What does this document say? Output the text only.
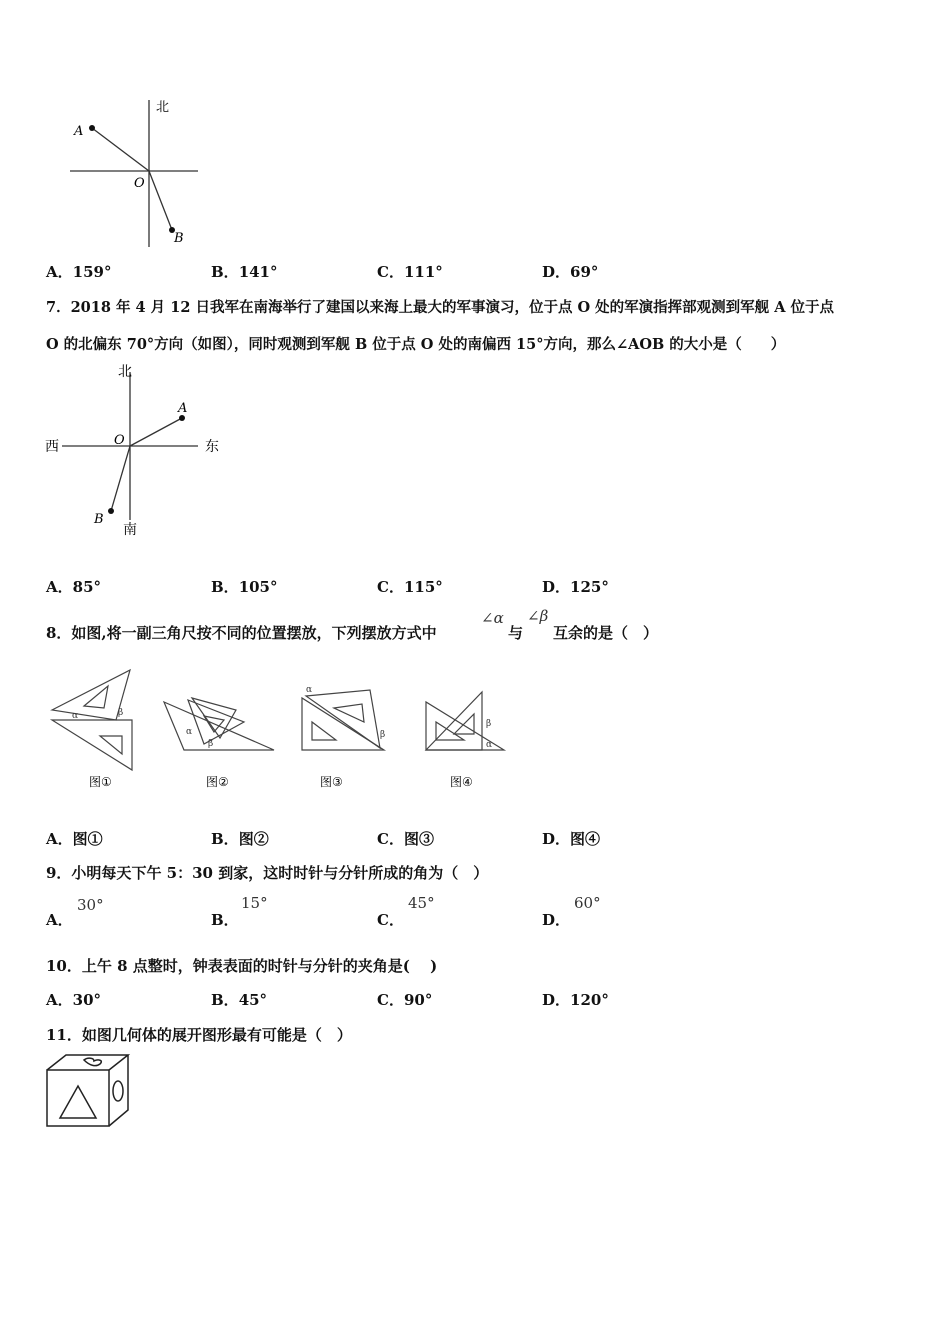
北
A
O
B
A．159°	B．141°	C．111°	D．69°
7．2018 年 4 月 12 日我军在南海举行了建国以来海上最大的军事演习，位于点 O 处的军演指挥部观测到军舰 A 位于点
O 的北偏东 70°方向（如图），同时观测到军舰 B 位于点 O 处的南偏西 15°方向，那么∠AOB 的大小是（　　）
北
南
西	东
A
O
B
A．85°	B．105°	C．115°	D．125°
8．如图,将一副三角尺按不同的位置摆放，下列摆放方式中
∠α
与
∠β
互余的是（　）
α	β
α
β
α
β
β
α
图①	图②	图③	图④
A．图①	B．图②	C．图③	D．图④
9．小明每天下午 5：30 到家，这时时针与分针所成的角为（　）
A．
30°
B．
15°
C．
45°
D．
60°
10．上午 8 点整时，钟表表面的时针与分针的夹角是(　 )
A．30°	B．45°	C．90°	D．120°
11．如图几何体的展开图形最有可能是（　）
